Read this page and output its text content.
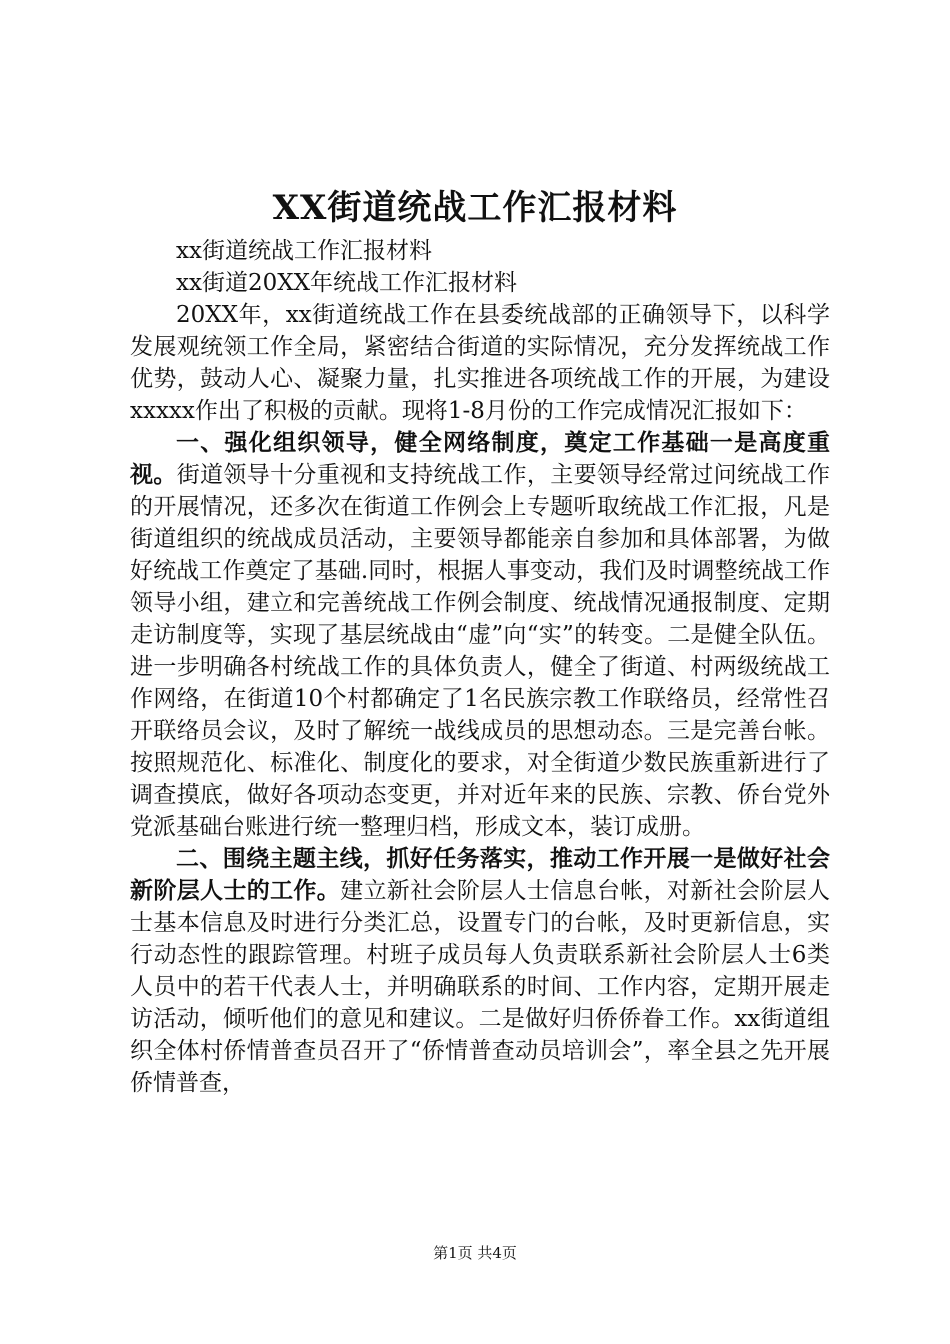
XX街道统战工作汇报材料

xx街道统战工作汇报材料

xx街道20XX年统战工作汇报材料

20XX年，xx街道统战工作在县委统战部的正确领导下，以科学发展观统领工作全局，紧密结合街道的实际情况，充分发挥统战工作优势，鼓动人心、凝聚力量，扎实推进各项统战工作的开展，为建设xxxxx作出了积极的贡献。现将1-8月份的工作完成情况汇报如下：

一、强化组织领导，健全网络制度，奠定工作基础一是高度重视。街道领导十分重视和支持统战工作，主要领导经常过问统战工作的开展情况，还多次在街道工作例会上专题听取统战工作汇报，凡是街道组织的统战成员活动，主要领导都能亲自参加和具体部署，为做好统战工作奠定了基础.同时，根据人事变动，我们及时调整统战工作领导小组，建立和完善统战工作例会制度、统战情况通报制度、定期走访制度等，实现了基层统战由“虚”向“实”的转变。二是健全队伍。进一步明确各村统战工作的具体负责人，健全了街道、村两级统战工作网络，在街道10个村都确定了1名民族宗教工作联络员，经常性召开联络员会议，及时了解统一战线成员的思想动态。三是完善台帐。按照规范化、标准化、制度化的要求，对全街道少数民族重新进行了调查摸底，做好各项动态变更，并对近年来的民族、宗教、侨台党外党派基础台账进行统一整理归档，形成文本，装订成册。

二、围绕主题主线，抓好任务落实，推动工作开展一是做好社会新阶层人士的工作。建立新社会阶层人士信息台帐，对新社会阶层人士基本信息及时进行分类汇总，设置专门的台帐，及时更新信息，实行动态性的跟踪管理。村班子成员每人负责联系新社会阶层人士6类人员中的若干代表人士，并明确联系的时间、工作内容，定期开展走访活动，倾听他们的意见和建议。二是做好归侨侨眷工作。xx街道组织全体村侨情普查员召开了“侨情普查动员培训会”，率全县之先开展侨情普查，

第1页 共4页
